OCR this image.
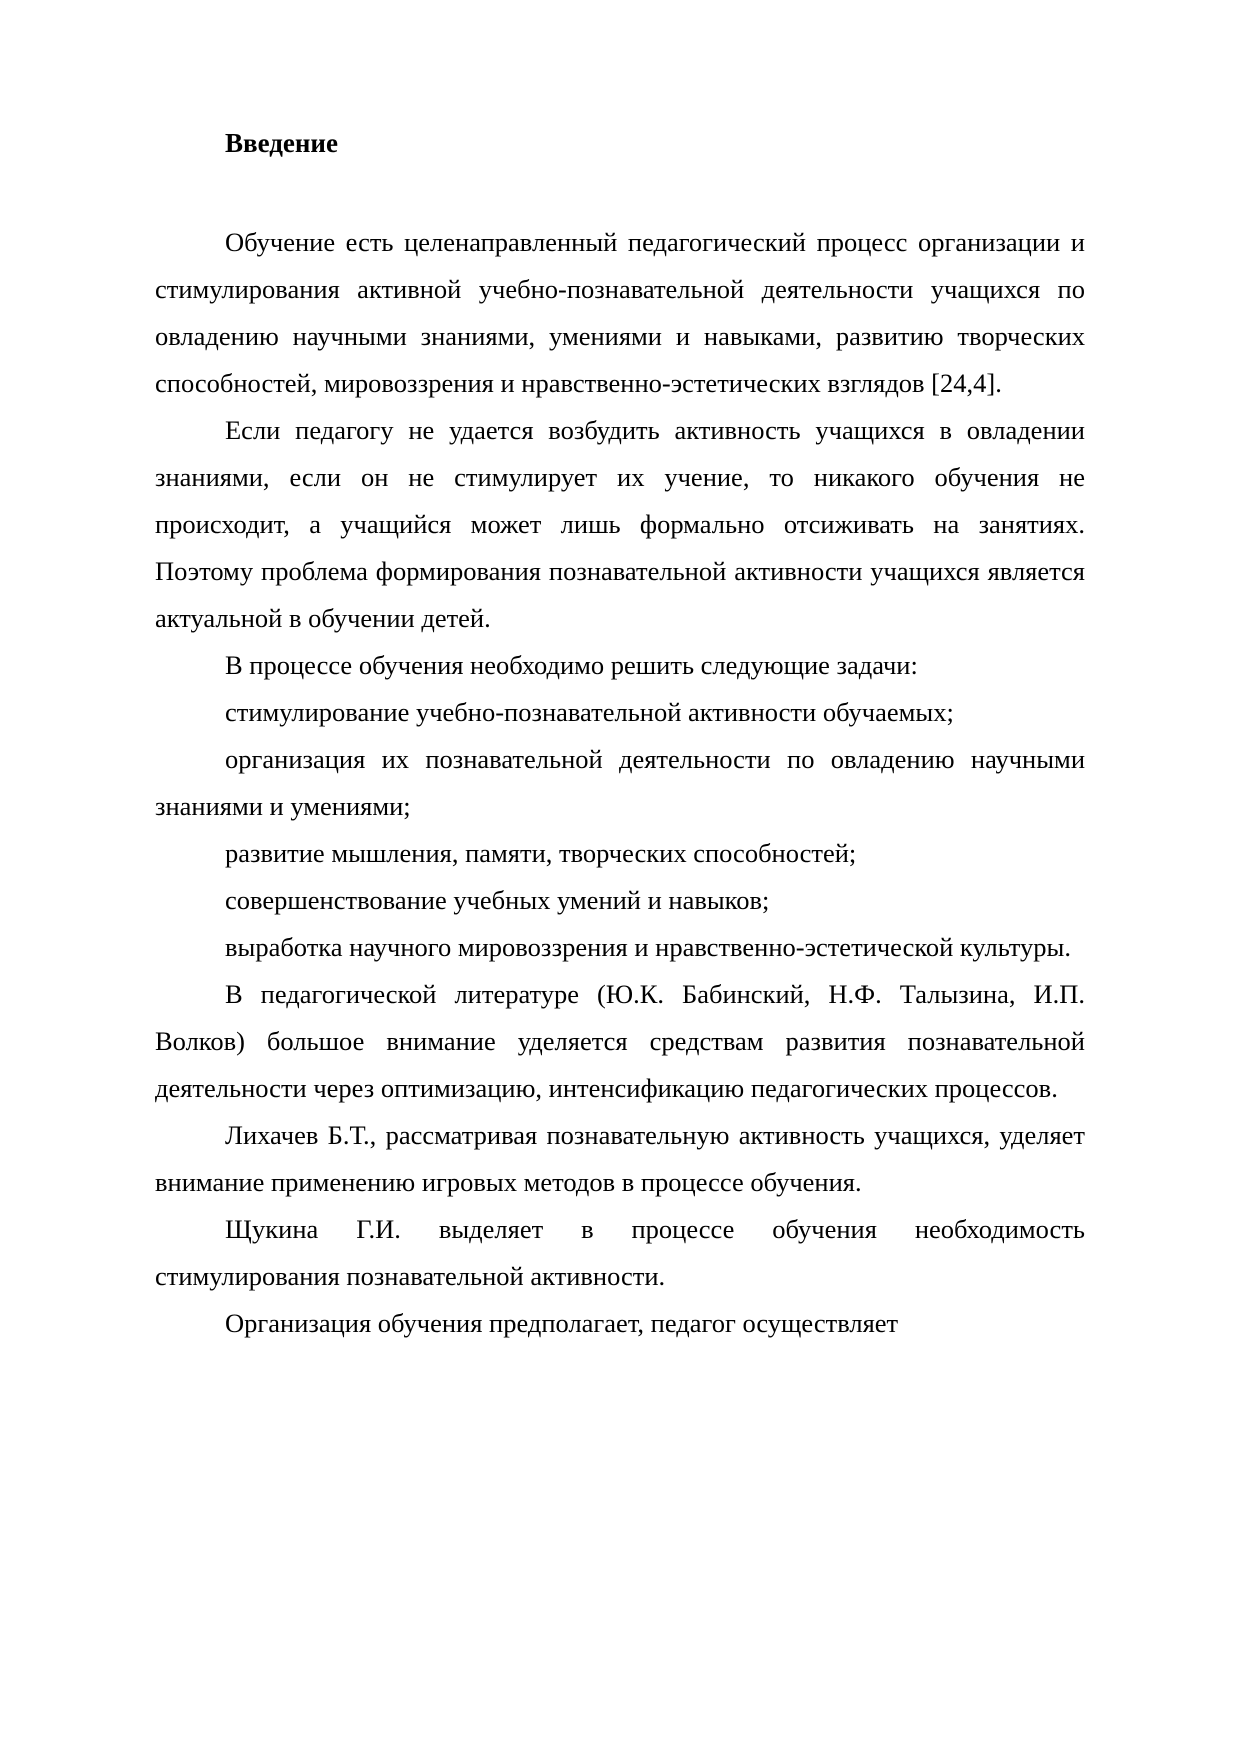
Введение

Обучение есть целенаправленный педагогический процесс организации и стимулирования активной учебно-познавательной деятельности учащихся по овладению научными знаниями, умениями и навыками, развитию творческих способностей, мировоззрения и нравственно-эстетических взглядов [24,4].

Если педагогу не удается возбудить активность учащихся в овладении знаниями, если он не стимулирует их учение, то никакого обучения не происходит, а учащийся может лишь формально отсиживать на занятиях. Поэтому проблема формирования познавательной активности учащихся является актуальной в обучении детей.

В процессе обучения необходимо решить следующие задачи:

стимулирование учебно-познавательной активности обучаемых;

организация их познавательной деятельности по овладению научными знаниями и умениями;

развитие мышления, памяти, творческих способностей;

совершенствование учебных умений и навыков;

выработка научного мировоззрения и нравственно-эстетической культуры.

В педагогической литературе (Ю.К. Бабинский, Н.Ф. Талызина, И.П. Волков) большое внимание уделяется средствам развития познавательной деятельности через оптимизацию, интенсификацию педагогических процессов.

Лихачев Б.Т., рассматривая познавательную активность учащихся, уделяет внимание применению игровых методов в процессе обучения.

Щукина Г.И. выделяет в процессе обучения необходимость стимулирования познавательной активности.

Организация обучения предполагает, педагог осуществляет
